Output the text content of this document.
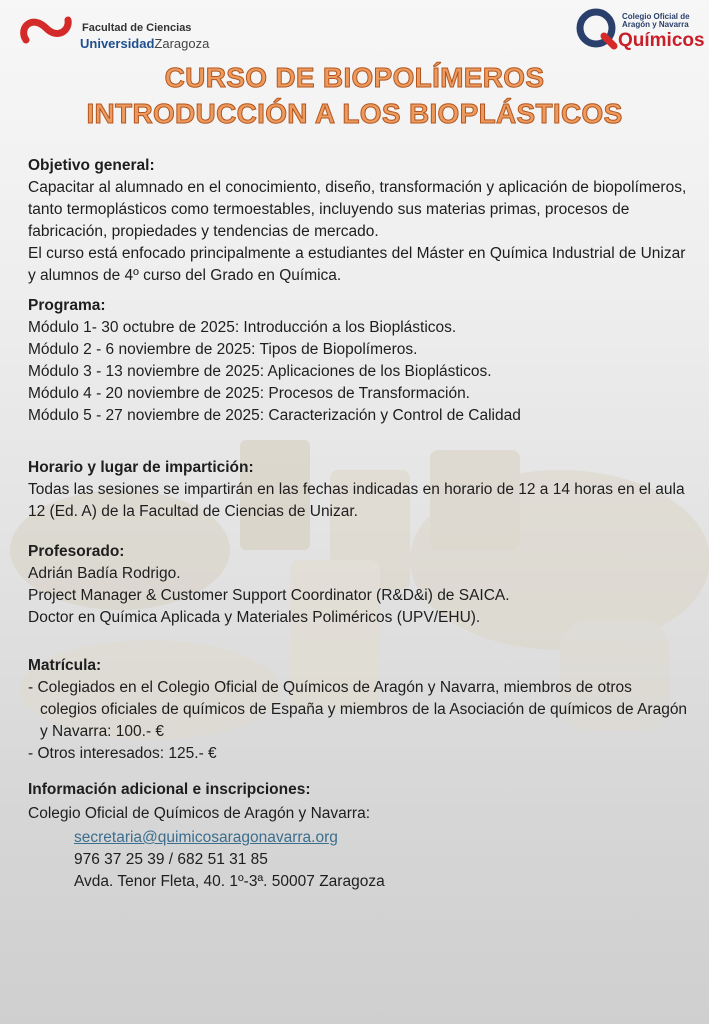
Facultad de Ciencias
UniversidadZaragoza
Colegio Oficial de
Aragón y Navarra
Químicos
CURSO DE BIOPOLÍMEROS
INTRODUCCIÓN A LOS BIOPLÁSTICOS

Objetivo general:

Capacitar al alumnado en el conocimiento, diseño, transformación y aplicación de biopolímeros, tanto termoplásticos como termoestables, incluyendo sus materias primas, procesos de fabricación, propiedades y tendencias de mercado.

El curso está enfocado principalmente a estudiantes del Máster en Química Industrial de Unizar y alumnos de 4º curso del Grado en Química.

Programa:

Módulo 1- 30 octubre de 2025: Introducción a los Bioplásticos.

Módulo 2 - 6 noviembre de 2025: Tipos de Biopolímeros.

Módulo 3 - 13 noviembre de 2025: Aplicaciones de los Bioplásticos.

Módulo 4 - 20 noviembre de 2025: Procesos de Transformación.

Módulo 5 - 27 noviembre de 2025: Caracterización y Control de Calidad

Horario y lugar de impartición:

Todas las sesiones se impartirán en las fechas indicadas en horario de 12 a 14 horas en el aula 12 (Ed. A) de la Facultad de Ciencias de Unizar.

Profesorado:

Adrián Badía Rodrigo.

Project Manager & Customer Support Coordinator (R&D&i) de SAICA.

Doctor en Química Aplicada y Materiales Poliméricos (UPV/EHU).

Matrícula:

- Colegiados en el Colegio Oficial de Químicos de Aragón y Navarra, miembros de otros colegios oficiales de químicos de España y miembros de la Asociación de químicos de Aragón y Navarra: 100.- €

- Otros interesados: 125.- €

Información adicional e inscripciones:

Colegio Oficial de Químicos de Aragón y Navarra:

secretaria@quimicosaragonavarra.org

976 37 25 39 / 682 51 31 85

Avda. Tenor Fleta, 40. 1º-3ª. 50007 Zaragoza
